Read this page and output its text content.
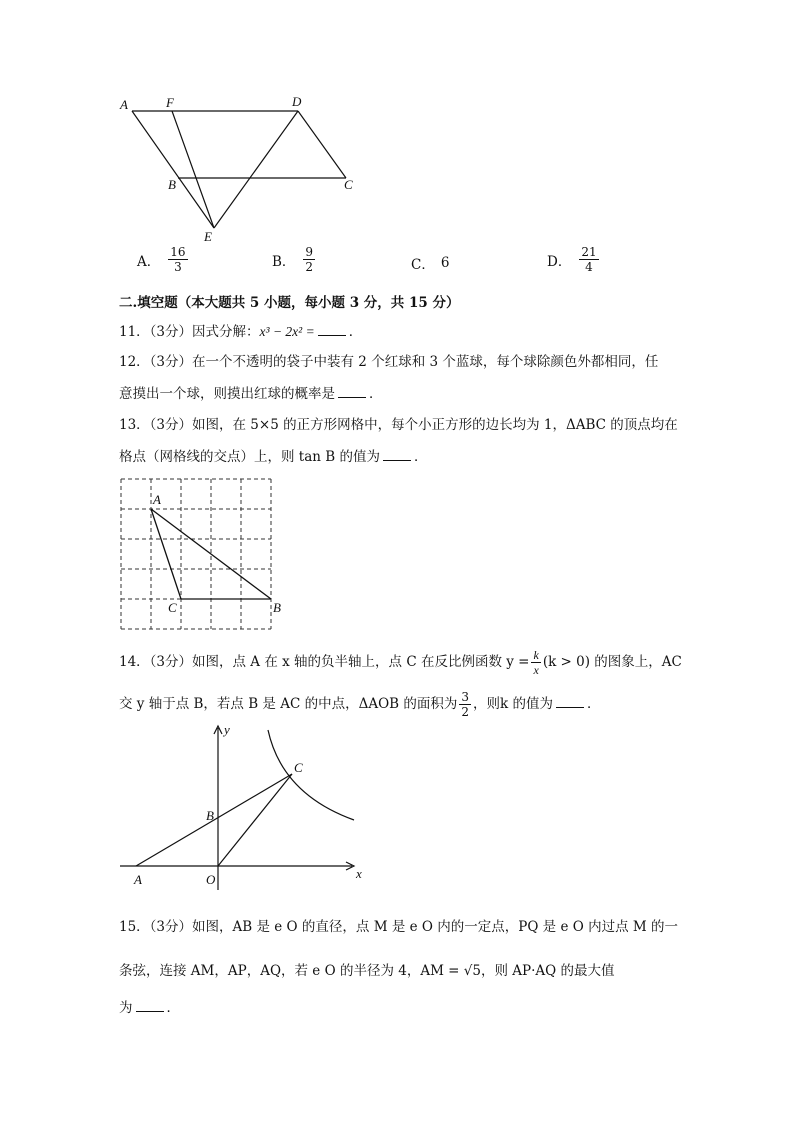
A	F	D
B	C
E
A． $\frac{16}{3}$	B． $\frac{9}{2}$	C． 6	D． $\frac{21}{4}$
二.填空题（本大题共 5 小题，每小题 3 分，共 15 分）
11．（3分）因式分解：x³ − 2x² =	．
12．（3分）在一个不透明的袋子中装有 2 个红球和 3 个蓝球，每个球除颜色外都相同，任
意摸出一个球，则摸出红球的概率是	．
13．（3分）如图，在 5×5 的正方形网格中，每个小正方形的边长均为 1，ΔABC 的顶点均在
格点（网格线的交点）上，则 tan B 的值为	．
A
C	B
14．（3分）如图，点 A 在 x 轴的负半轴上，点 C 在反比例函数 $y = \frac{k}{x} (k > 0)$ 的图象上，AC
交 y 轴于点 B，若点 B 是 AC 的中点，ΔAOB 的面积为 $\frac{3}{2}$ ，则k 的值为	．
y
x
C
B
A	O
15．（3分）如图，AB 是 e O 的直径，点 M 是 e O 内的一定点，PQ 是 e O 内过点 M 的一
条弦，连接 AM，AP，AQ，若 e O 的半径为 4，AM = √5，则 AP·AQ 的最大值
为	．
